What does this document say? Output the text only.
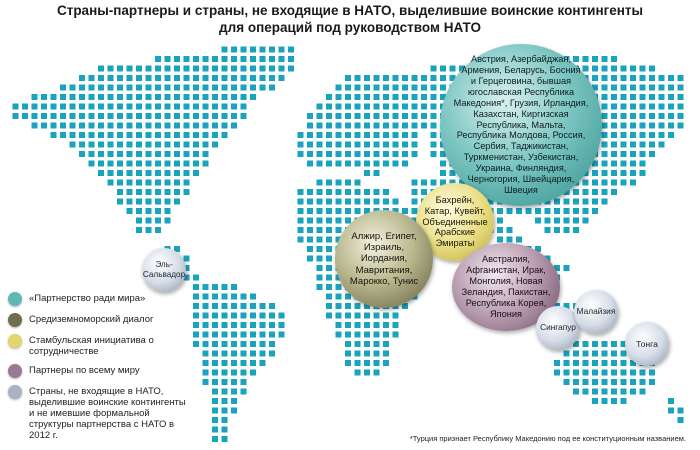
Страны-партнеры и страны, не входящие в НАТО, выделившие воинские контингенты
для операций под руководством НАТО
Австрия, Азербайджан,
Армения, Беларусь, Босния
и Герцеговина, бывшая
югославская Республика
Македония*, Грузия, Ирландия,
Казахстан, Киргизская
Республика, Мальта,
Республика Молдова, Россия,
Сербия, Таджикистан,
Туркменистан, Узбекистан,
Украина, Финляндия,
Черногория, Швейцария,
Швеция
Бахрейн,
Катар, Кувейт,
Объединенные
Арабские
Эмираты
Алжир, Египет,
Израиль,
Иордания,
Мавритания,
Марокко, Тунис
Австралия,
Афганистан, Ирак,
Монголия, Новая
Зеландия, Пакистан,
Республика Корея,
Япония
Эль-
Сальвадор
Сингапур
Малайзия
Тонга
«Партнерство ради мира»
Средиземноморский диалог
Стамбульская инициатива о сотрудничестве
Партнеры по всему миру
Страны, не входящие в НАТО, выделившие воинские контингенты и не имевшие формальной структуры партнерства с НАТО в 2012 г.	*Турция признает Республику Македонию под ее конституционным названием.
